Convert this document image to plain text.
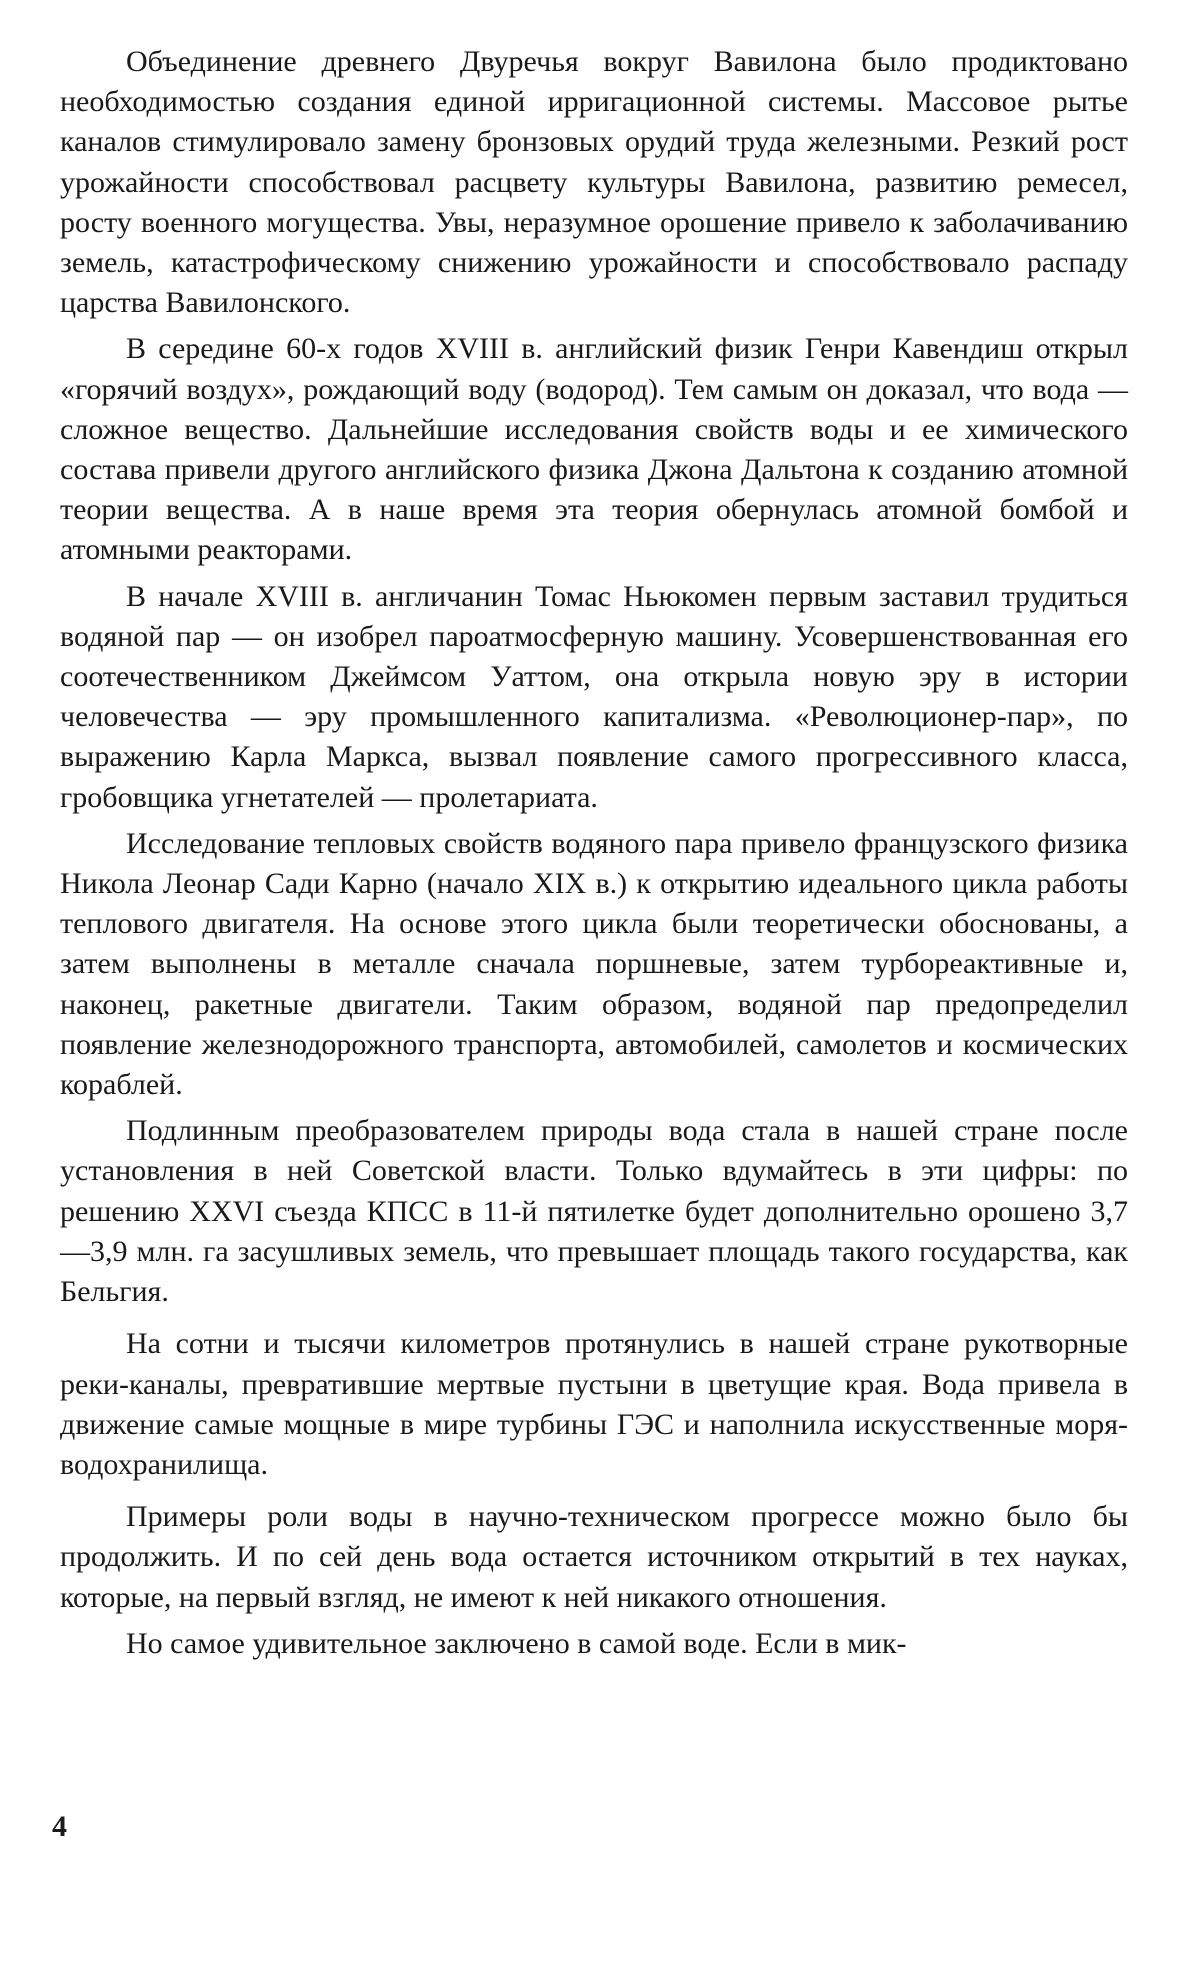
Объединение древнего Двуречья вокруг Вавилона было продиктовано необходимостью создания единой ирригационной системы. Массовое рытье каналов стимулировало замену бронзовых орудий труда железными. Резкий рост урожайности способствовал расцвету культуры Вавилона, развитию ремесел, росту военного могущества. Увы, неразумное орошение привело к заболачиванию земель, катастрофическому снижению урожайности и способствовало распаду царства Вавилонского.

В середине 60-х годов XVIII в. английский физик Генри Кавендиш открыл «горячий воздух», рождающий воду (водород). Тем самым он доказал, что вода — сложное вещество. Дальнейшие исследования свойств воды и ее химического состава привели другого английского физика Джона Дальтона к созданию атомной теории вещества. А в наше время эта теория обернулась атомной бомбой и атомными реакторами.

В начале XVIII в. англичанин Томас Ньюкомен первым заставил трудиться водяной пар — он изобрел пароатмосферную машину. Усовершенствованная его соотечественником Джеймсом Уаттом, она открыла новую эру в истории человечества — эру промышленного капитализма. «Революционер-пар», по выражению Карла Маркса, вызвал появление самого прогрессивного класса, гробовщика угнетателей — пролетариата.

Исследование тепловых свойств водяного пара привело французского физика Никола Леонар Сади Карно (начало XIX в.) к открытию идеального цикла работы теплового двигателя. На основе этого цикла были теоретически обоснованы, а затем выполнены в металле сначала поршневые, затем турбореактивные и, наконец, ракетные двигатели. Таким образом, водяной пар предопределил появление железнодорожного транспорта, автомобилей, самолетов и космических кораблей.

Подлинным преобразователем природы вода стала в нашей стране после установления в ней Советской власти. Только вдумайтесь в эти цифры: по решению XXVI съезда КПСС в 11-й пятилетке будет дополнительно орошено 3,7—3,9 млн. га засушливых земель, что превышает площадь такого государства, как Бельгия.

На сотни и тысячи километров протянулись в нашей стране рукотворные реки-каналы, превратившие мертвые пустыни в цветущие края. Вода привела в движение самые мощные в мире турбины ГЭС и наполнила искусственные моря-водохранилища.

Примеры роли воды в научно-техническом прогрессе можно было бы продолжить. И по сей день вода остается источником открытий в тех науках, которые, на первый взгляд, не имеют к ней никакого отношения.

Но самое удивительное заключено в самой воде. Если в мик-

4
